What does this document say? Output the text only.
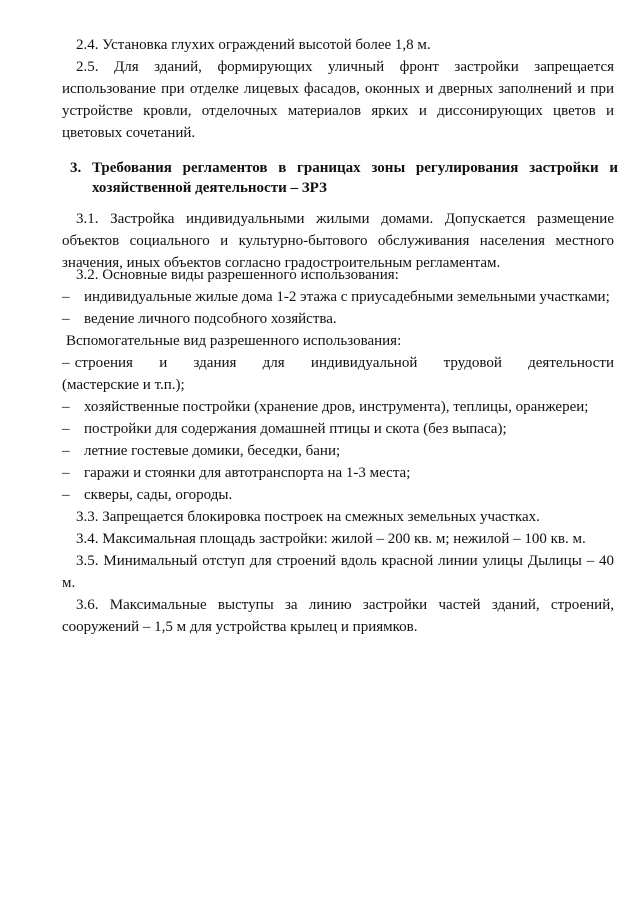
2.4. Установка глухих ограждений высотой более 1,8 м.

2.5. Для зданий, формирующих уличный фронт застройки запрещается использование при отделке лицевых фасадов, оконных и дверных заполнений и при устройстве кровли, отделочных материалов ярких и диссонирующих цветов и цветовых сочетаний.

3. Требования регламентов в границах зоны регулирования застройки и хозяйственной деятельности – ЗРЗ

3.1. Застройка индивидуальными жилыми домами. Допускается размещение объектов социального и культурно-бытового обслуживания населения местного значения, иных объектов согласно градостроительным регламентам.

3.2. Основные виды разрешенного использования:

– индивидуальные жилые дома 1-2 этажа с приусадебными земельными участками;
– ведение личного подсобного хозяйства.

Вспомогательные вид разрешенного использования:

– строения     и     здания     для     индивидуальной     трудовой     деятельности

(мастерские и т.п.);

– хозяйственные постройки (хранение дров, инструмента), теплицы, оранжереи;
– постройки для содержания домашней птицы и скота (без выпаса);
– летние гостевые домики, беседки, бани;
– гаражи и стоянки для автотранспорта на 1-3 места;
– скверы, сады, огороды.

3.3. Запрещается блокировка построек на смежных земельных участках.

3.4. Максимальная площадь застройки: жилой – 200 кв. м; нежилой – 100 кв. м.

3.5. Минимальный отступ для строений вдоль красной линии улицы Дылицы – 40 м.

3.6. Максимальные выступы за линию застройки частей зданий, строений, сооружений – 1,5 м для устройства крылец и приямков.
